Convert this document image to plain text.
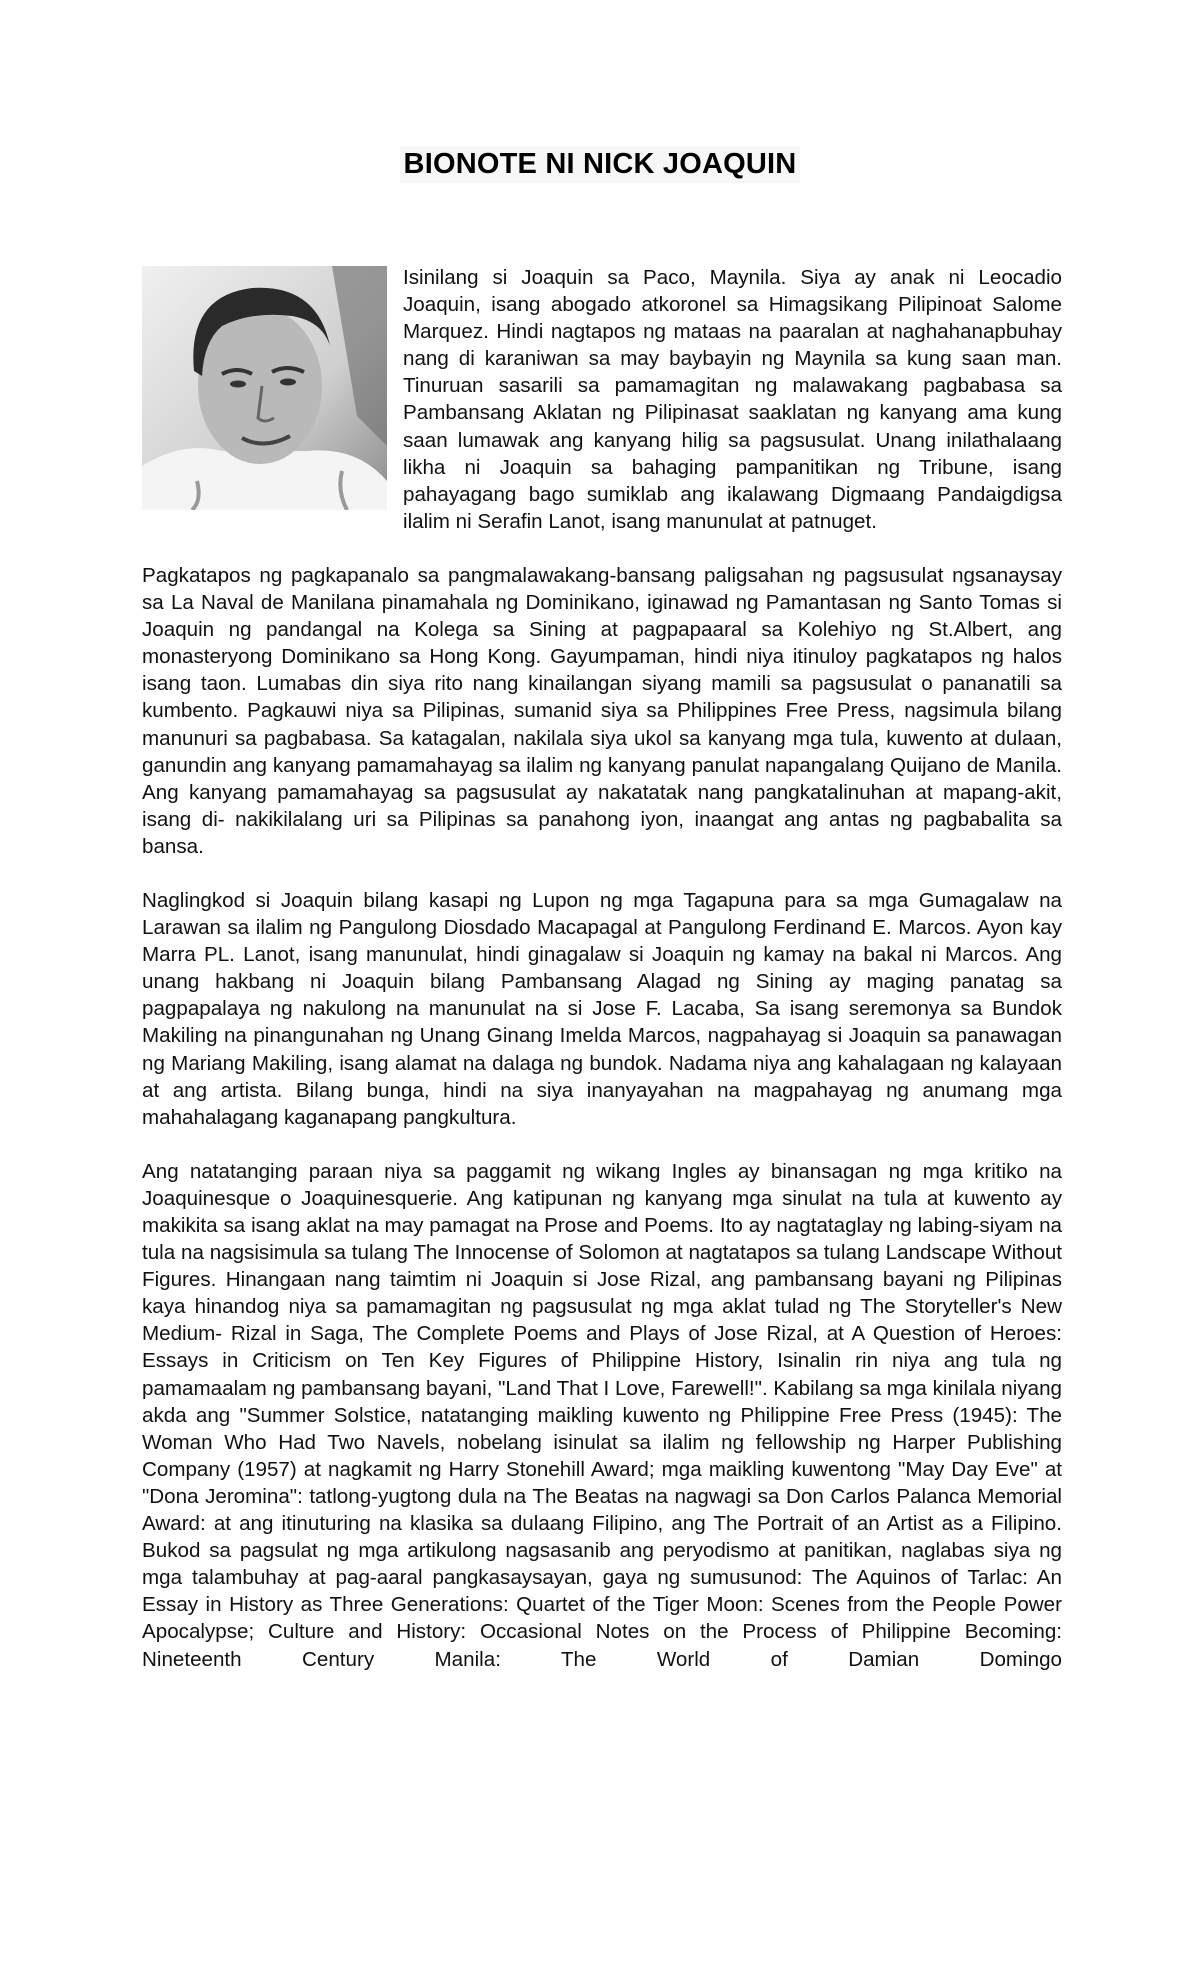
BIONOTE NI NICK JOAQUIN
Isinilang si Joaquin sa Paco, Maynila. Siya ay anak ni Leocadio Joaquin, isang abogado atkoronel sa Himagsikang Pilipinoat Salome Marquez. Hindi nagtapos ng mataas na paaralan at naghahanapbuhay nang di karaniwan sa may baybayin ng Maynila sa kung saan man. Tinuruan sasarili sa pamamagitan ng malawakang pagbabasa sa Pambansang Aklatan ng Pilipinasat saaklatan ng kanyang ama kung saan lumawak ang kanyang hilig sa pagsusulat. Unang inilathalaang likha ni Joaquin sa bahaging pampanitikan ng Tribune, isang pahayagang bago sumiklab ang ikalawang Digmaang Pandaigdigsa ilalim ni Serafin Lanot, isang manunulat at patnuget.

Pagkatapos ng pagkapanalo sa pangmalawakang-bansang paligsahan ng pagsusulat ngsanaysay sa La Naval de Manilana pinamahala ng Dominikano, iginawad ng Pamantasan ng Santo Tomas si Joaquin ng pandangal na Kolega sa Sining at pagpapaaral sa Kolehiyo ng St.Albert, ang monasteryong Dominikano sa Hong Kong. Gayumpaman, hindi niya itinuloy pagkatapos ng halos isang taon. Lumabas din siya rito nang kinailangan siyang mamili sa pagsusulat o pananatili sa kumbento. Pagkauwi niya sa Pilipinas, sumanid siya sa Philippines Free Press, nagsimula bilang manunuri sa pagbabasa. Sa katagalan, nakilala siya ukol sa kanyang mga tula, kuwento at dulaan, ganundin ang kanyang pamamahayag sa ilalim ng kanyang panulat napangalang Quijano de Manila. Ang kanyang pamamahayag sa pagsusulat ay nakatatak nang pangkatalinuhan at mapang-akit, isang di- nakikilalang uri sa Pilipinas sa panahong iyon, inaangat ang antas ng pagbabalita sa bansa.

Naglingkod si Joaquin bilang kasapi ng Lupon ng mga Tagapuna para sa mga Gumagalaw na Larawan sa ilalim ng Pangulong Diosdado Macapagal at Pangulong Ferdinand E. Marcos. Ayon kay Marra PL. Lanot, isang manunulat, hindi ginagalaw si Joaquin ng kamay na bakal ni Marcos. Ang unang hakbang ni Joaquin bilang Pambansang Alagad ng Sining ay maging panatag sa pagpapalaya ng nakulong na manunulat na si Jose F. Lacaba, Sa isang seremonya sa Bundok Makiling na pinangunahan ng Unang Ginang Imelda Marcos, nagpahayag si Joaquin sa panawagan ng Mariang Makiling, isang alamat na dalaga ng bundok. Nadama niya ang kahalagaan ng kalayaan at ang artista. Bilang bunga, hindi na siya inanyayahan na magpahayag ng anumang mga mahahalagang kaganapang pangkultura.

Ang natatanging paraan niya sa paggamit ng wikang Ingles ay binansagan ng mga kritiko na Joaquinesque o Joaquinesquerie. Ang katipunan ng kanyang mga sinulat na tula at kuwento ay makikita sa isang aklat na may pamagat na Prose and Poems. Ito ay nagtataglay ng labing-siyam na tula na nagsisimula sa tulang The Innocense of Solomon at nagtatapos sa tulang Landscape Without Figures. Hinangaan nang taimtim ni Joaquin si Jose Rizal, ang pambansang bayani ng Pilipinas kaya hinandog niya sa pamamagitan ng pagsusulat ng mga aklat tulad ng The Storyteller's New Medium- Rizal in Saga, The Complete Poems and Plays of Jose Rizal, at A Question of Heroes: Essays in Criticism on Ten Key Figures of Philippine History, Isinalin rin niya ang tula ng pamamaalam ng pambansang bayani, "Land That I Love, Farewell!". Kabilang sa mga kinilala niyang akda ang "Summer Solstice, natatanging maikling kuwento ng Philippine Free Press (1945): The Woman Who Had Two Navels, nobelang isinulat sa ilalim ng fellowship ng Harper Publishing Company (1957) at nagkamit ng Harry Stonehill Award; mga maikling kuwentong "May Day Eve" at "Dona Jeromina": tatlong-yugtong dula na The Beatas na nagwagi sa Don Carlos Palanca Memorial Award: at ang itinuturing na klasika sa dulaang Filipino, ang The Portrait of an Artist as a Filipino. Bukod sa pagsulat ng mga artikulong nagsasanib ang peryodismo at panitikan, naglabas siya ng mga talambuhay at pag-aaral pangkasaysayan, gaya ng sumusunod: The Aquinos of Tarlac: An Essay in History as Three Generations: Quartet of the Tiger Moon: Scenes from the People Power Apocalypse; Culture and History: Occasional Notes on the Process of Philippine Becoming: Nineteenth Century Manila: The World of Damian Domingo
